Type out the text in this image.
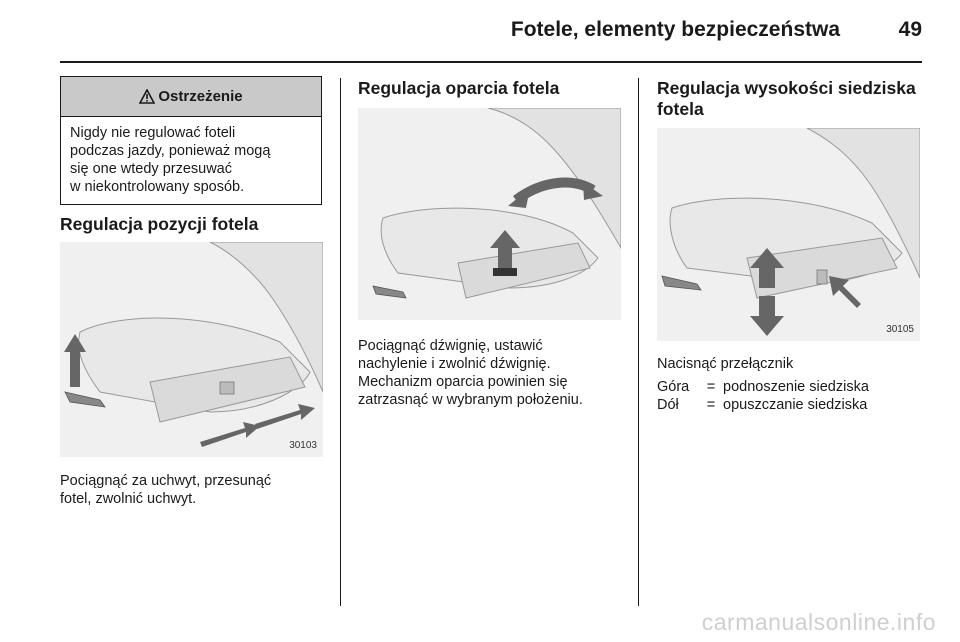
Fotele, elementy bezpieczeństwa	49
Ostrzeżenie
Nigdy nie regulować foteli
podczas jazdy, ponieważ mogą
się one wtedy przesuwać
w niekontrolowany sposób.
Regulacja pozycji fotela
30103
Pociągnąć za uchwyt, przesunąć
fotel, zwolnić uchwyt.
Regulacja oparcia fotela
Pociągnąć dźwignię, ustawić
nachylenie i zwolnić dźwignię.
Mechanizm oparcia powinien się
zatrzasnąć w wybranym położeniu.
Regulacja wysokości siedziska
fotela
30105
Nacisnąć przełącznik
Góra	= podnoszenie siedziska
Dół	= opuszczanie siedziska
carmanualsonline.info
